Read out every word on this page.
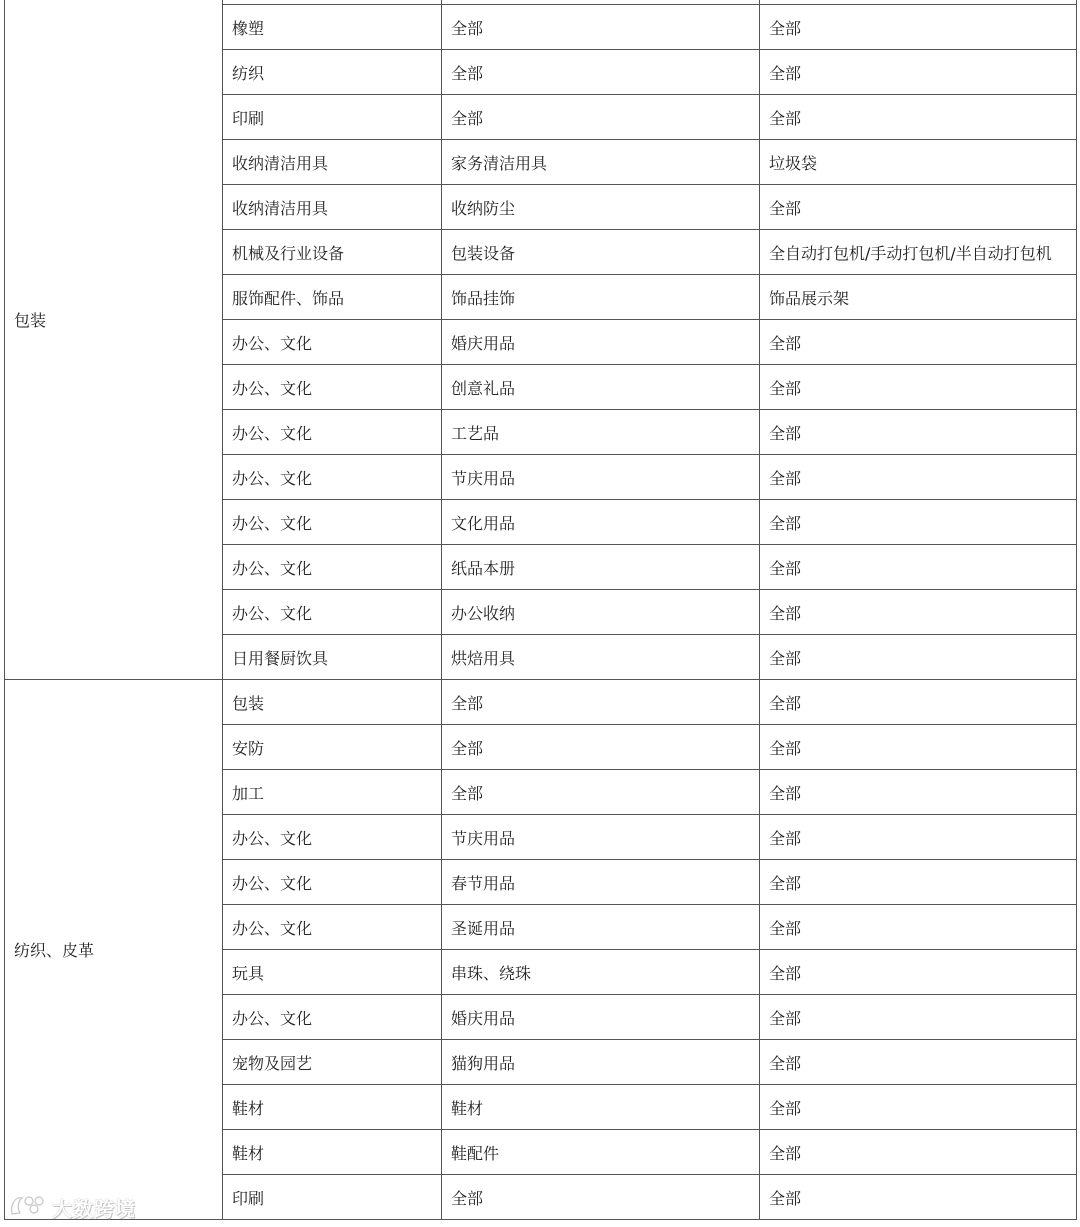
包装			
	橡塑	全部	全部
	纺织	全部	全部
	印刷	全部	全部
	收纳清洁用具	家务清洁用具	垃圾袋
	收纳清洁用具	收纳防尘	全部
	机械及行业设备	包装设备	全自动打包机/手动打包机/半自动打包机
	服饰配件、饰品	饰品挂饰	饰品展示架
	办公、文化	婚庆用品	全部
	办公、文化	创意礼品	全部
	办公、文化	工艺品	全部
	办公、文化	节庆用品	全部
	办公、文化	文化用品	全部
	办公、文化	纸品本册	全部
	办公、文化	办公收纳	全部
	日用餐厨饮具	烘焙用具	全部
纺织、皮革	包装	全部	全部
	安防	全部	全部
	加工	全部	全部
	办公、文化	节庆用品	全部
	办公、文化	春节用品	全部
	办公、文化	圣诞用品	全部
	玩具	串珠、绕珠	全部
	办公、文化	婚庆用品	全部
	宠物及园艺	猫狗用品	全部
	鞋材	鞋材	全部
	鞋材	鞋配件	全部
	印刷	全部	全部
大数跨境
